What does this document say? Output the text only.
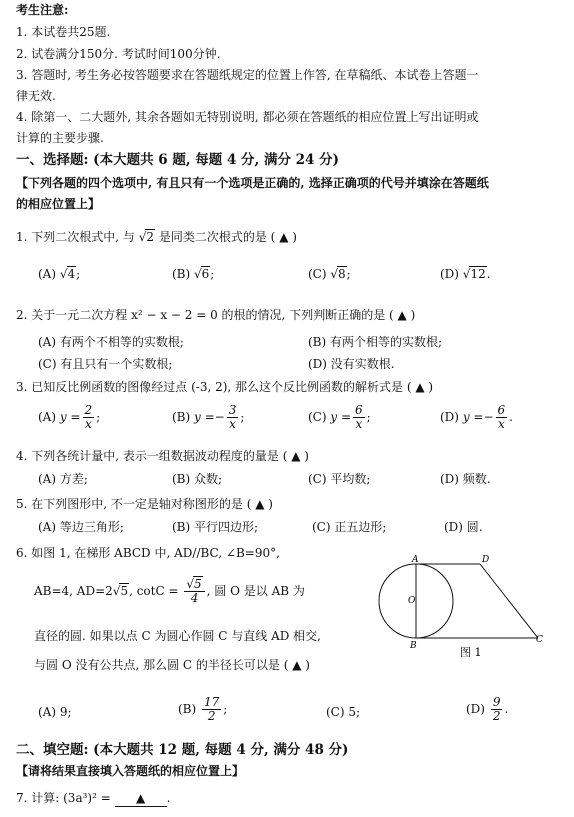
考生注意:
1. 本试卷共25题.
2. 试卷满分150分. 考试时间100分钟.
3. 答题时, 考生务必按答题要求在答题纸规定的位置上作答, 在草稿纸、本试卷上答题一
律无效.
4. 除第一、二大题外, 其余各题如无特别说明, 都必须在答题纸的相应位置上写出证明或
计算的主要步骤.
一、选择题: (本大题共 6 题, 每题 4 分, 满分 24 分)
【下列各题的四个选项中, 有且只有一个选项是正确的, 选择正确项的代号并填涂在答题纸
的相应位置上】
1. 下列二次根式中, 与 √2 是同类二次根式的是 ( ▲ )
(A) √4;	(B) √6;	(C) √8;	(D) √12.
2. 关于一元二次方程 x² − x − 2 = 0 的根的情况, 下列判断正确的是 ( ▲ )
(A) 有两个不相等的实数根;	(B) 有两个相等的实数根;
(C) 有且只有一个实数根;	(D) 没有实数根.
3. 已知反比例函数的图像经过点 (-3, 2), 那么这个反比例函数的解析式是 ( ▲ )
(A) $y = \frac{2}{x}$ ;	(B) $y =- \frac{3}{x}$ ;	(C) $y = \frac{6}{x}$ ;	(D) $y =- \frac{6}{x}$ .
4. 下列各统计量中, 表示一组数据波动程度的量是 ( ▲ )
(A) 方差;	(B) 众数;	(C) 平均数;	(D) 频数.
5. 在下列图形中, 不一定是轴对称图形的是 ( ▲ )
(A) 等边三角形;	(B) 平行四边形;	(C) 正五边形;	(D) 圆.
6. 如图 1, 在梯形 ABCD 中, AD//BC, ∠B=90°,
AB=4, AD=2√5, $\cot C = \frac{√5}{4}$ , 圆 O 是以 AB 为
直径的圆. 如果以点 C 为圆心作圆 C 与直线 AD 相交,
与圆 O 没有公共点, 那么圆 C 的半径长可以是 ( ▲ )
A	D
O
B
C
图 1
(A) 9;	$(B) \frac{17}{2}$ ;	(C) 5;	$(D) \frac{9}{2}$ .
二、填空题: (本大题共 12 题, 每题 4 分, 满分 48 分)
【请将结果直接填入答题纸的相应位置上】
7. 计算: (3a³)² = ▲ .
